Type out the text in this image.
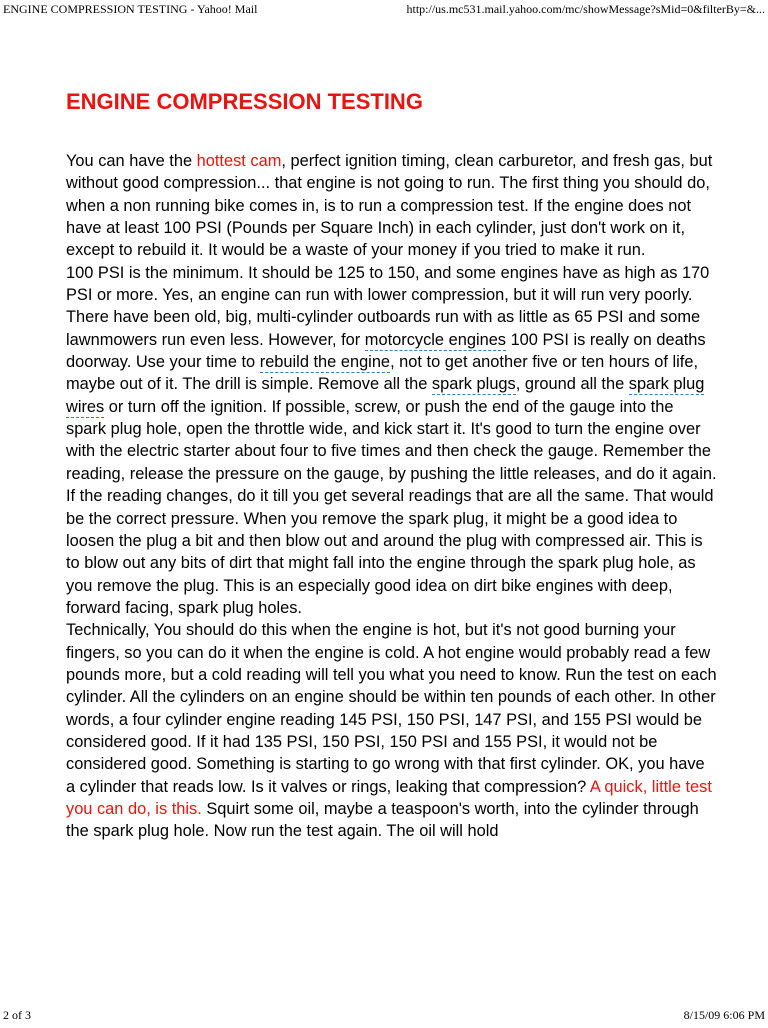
ENGINE COMPRESSION TESTING - Yahoo! Mail	http://us.mc531.mail.yahoo.com/mc/showMessage?sMid=0&filterBy=&...
ENGINE COMPRESSION TESTING

You can have the hottest cam, perfect ignition timing, clean carburetor, and fresh gas, but without good compression... that engine is not going to run. The first thing you should do, when a non running bike comes in, is to run a compression test. If the engine does not have at least 100 PSI (Pounds per Square Inch) in each cylinder, just don't work on it, except to rebuild it. It would be a waste of your money if you tried to make it run.

100 PSI is the minimum. It should be 125 to 150, and some engines have as high as 170 PSI or more. Yes, an engine can run with lower compression, but it will run very poorly. There have been old, big, multi-cylinder outboards run with as little as 65 PSI and some lawnmowers run even less. However, for motorcycle engines 100 PSI is really on deaths doorway. Use your time to rebuild the engine, not to get another five or ten hours of life, maybe out of it. The drill is simple. Remove all the spark plugs, ground all the spark plug wires or turn off the ignition. If possible, screw, or push the end of the gauge into the spark plug hole, open the throttle wide, and kick start it. It's good to turn the engine over with the electric starter about four to five times and then check the gauge. Remember the reading, release the pressure on the gauge, by pushing the little releases, and do it again. If the reading changes, do it till you get several readings that are all the same. That would be the correct pressure. When you remove the spark plug, it might be a good idea to loosen the plug a bit and then blow out and around the plug with compressed air. This is to blow out any bits of dirt that might fall into the engine through the spark plug hole, as you remove the plug. This is an especially good idea on dirt bike engines with deep, forward facing, spark plug holes.

Technically, You should do this when the engine is hot, but it's not good burning your fingers, so you can do it when the engine is cold. A hot engine would probably read a few pounds more, but a cold reading will tell you what you need to know. Run the test on each cylinder. All the cylinders on an engine should be within ten pounds of each other. In other words, a four cylinder engine reading 145 PSI, 150 PSI, 147 PSI, and 155 PSI would be considered good. If it had 135 PSI, 150 PSI, 150 PSI and 155 PSI, it would not be considered good. Something is starting to go wrong with that first cylinder. OK, you have a cylinder that reads low. Is it valves or rings, leaking that compression? A quick, little test you can do, is this. Squirt some oil, maybe a teaspoon's worth, into the cylinder through the spark plug hole. Now run the test again. The oil will hold

2 of 3	8/15/09 6:06 PM
